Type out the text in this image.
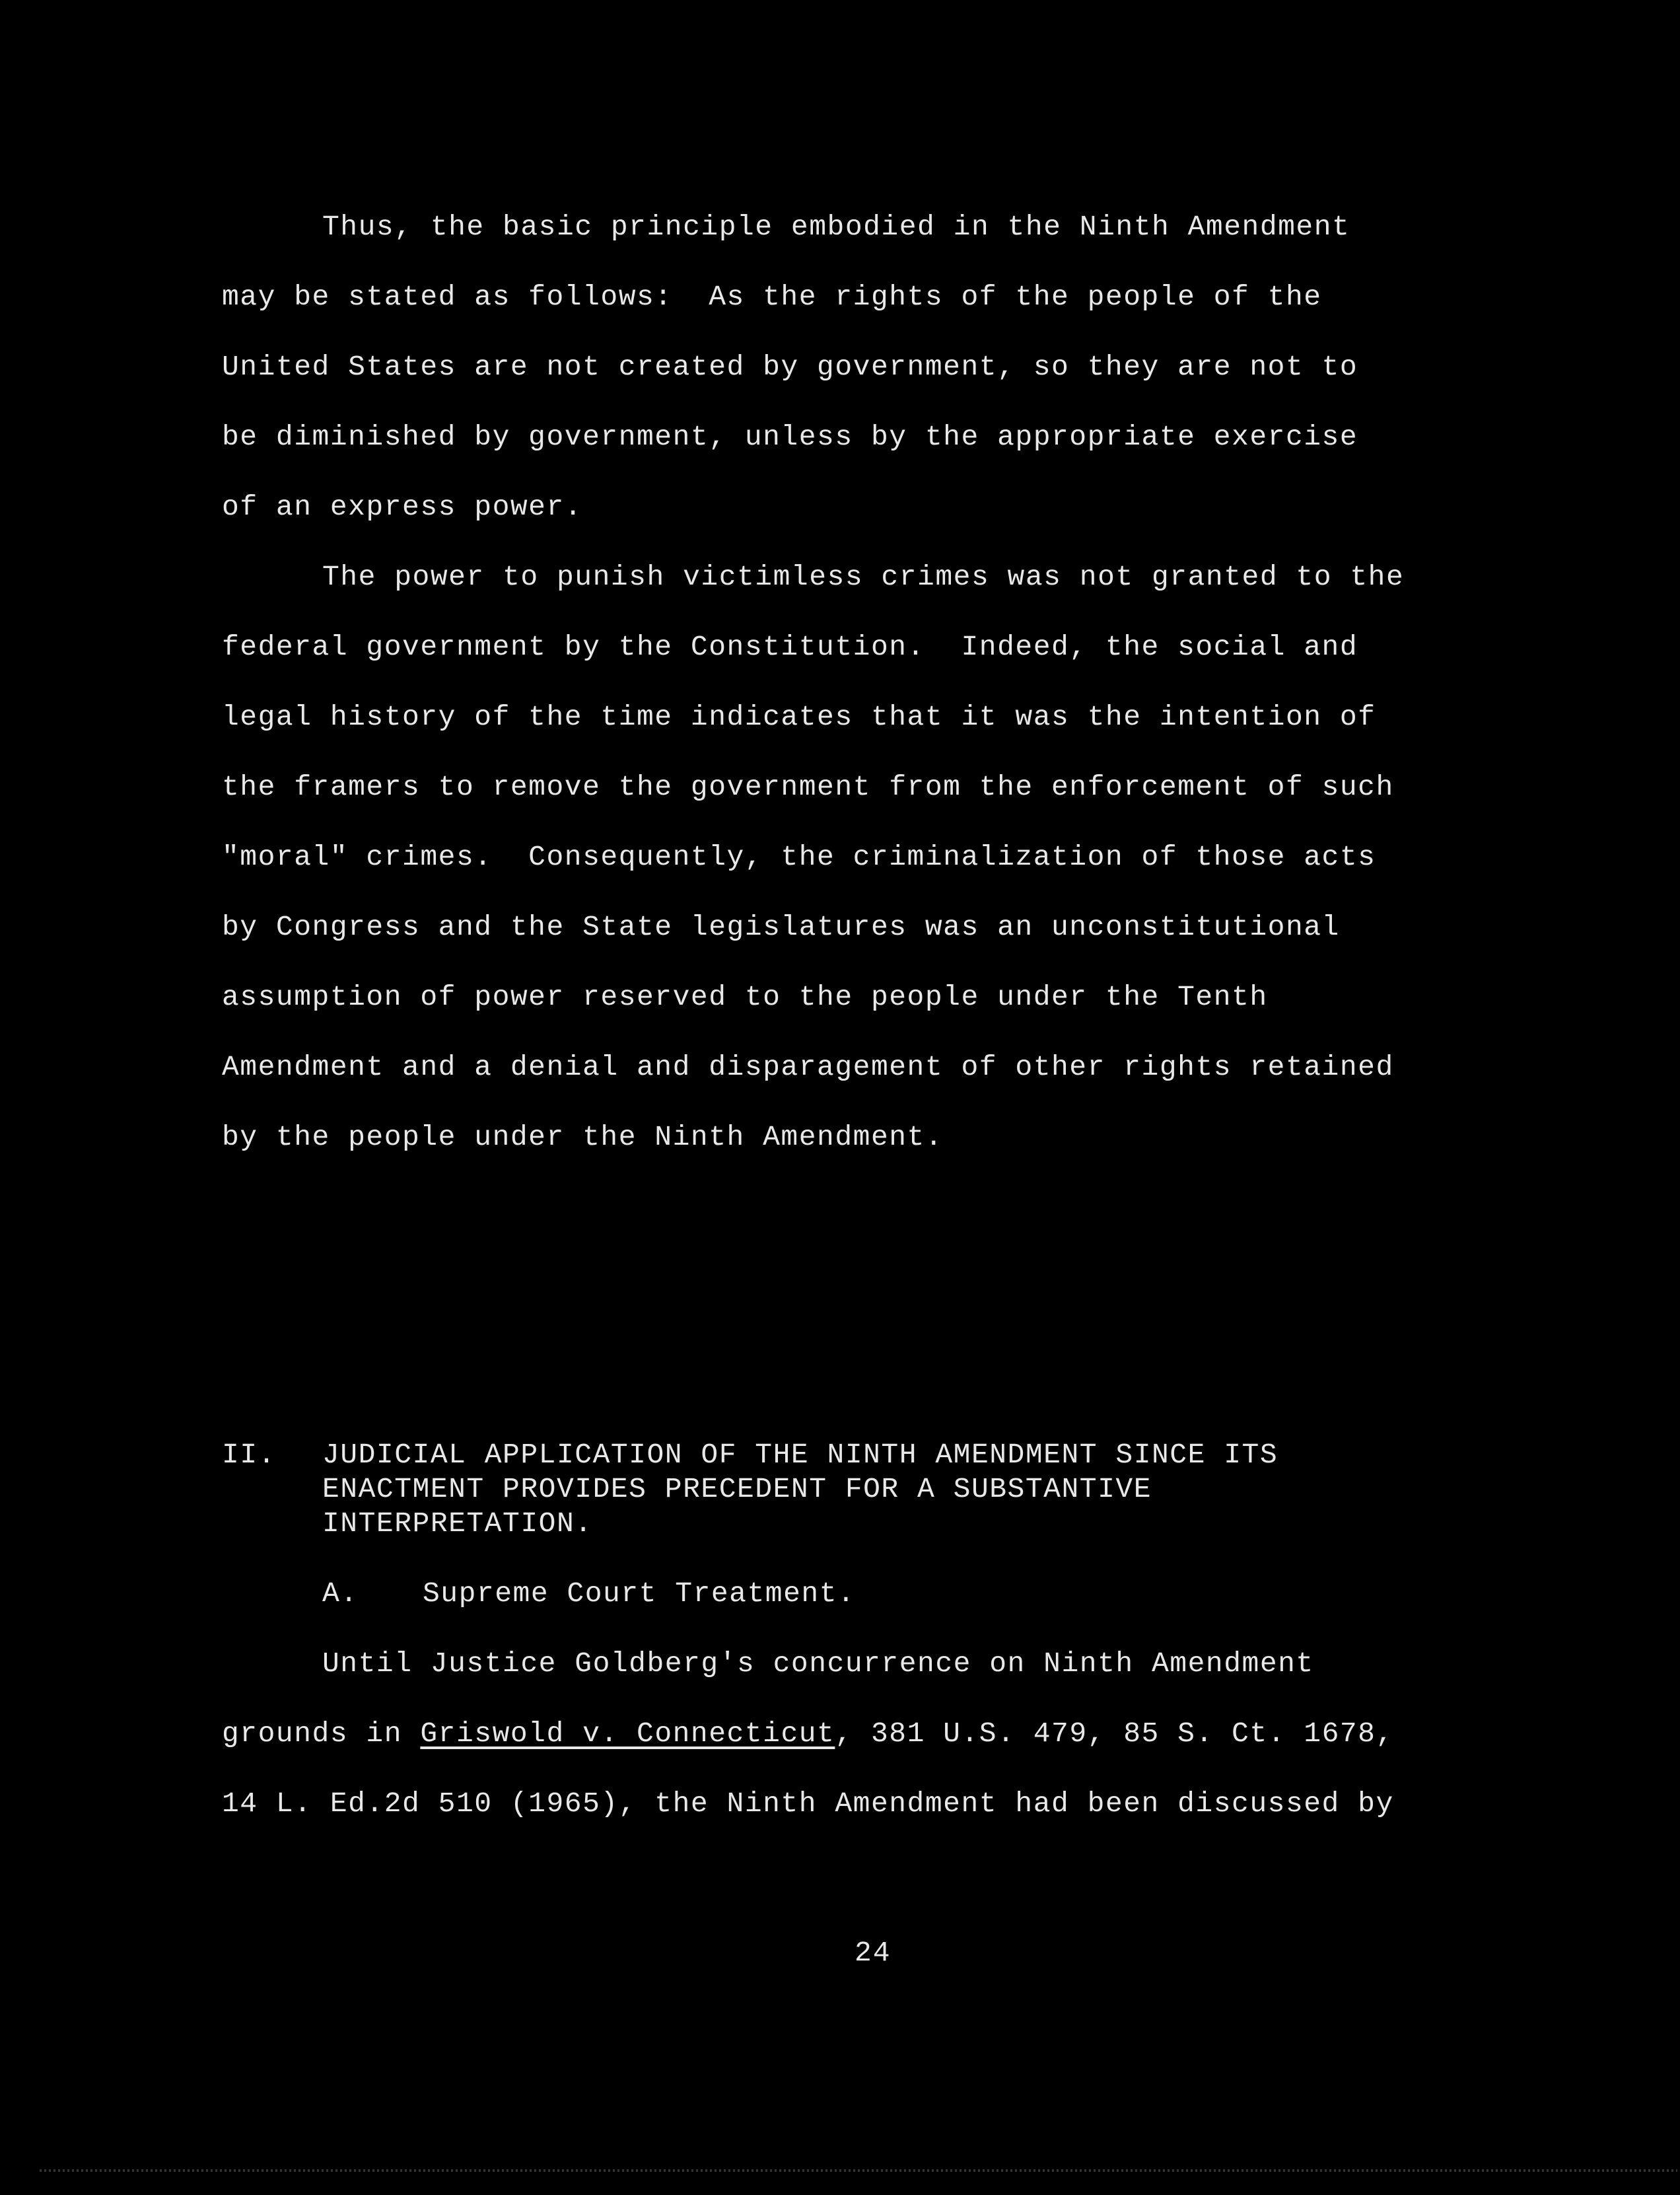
Thus, the basic principle embodied in the Ninth Amendment
may be stated as follows:  As the rights of the people of the
United States are not created by government, so they are not to
be diminished by government, unless by the appropriate exercise
of an express power.
The power to punish victimless crimes was not granted to the
federal government by the Constitution.  Indeed, the social and
legal history of the time indicates that it was the intention of
the framers to remove the government from the enforcement of such
"moral" crimes.  Consequently, the criminalization of those acts
by Congress and the State legislatures was an unconstitutional
assumption of power reserved to the people under the Tenth
Amendment and a denial and disparagement of other rights retained
by the people under the Ninth Amendment.
II. JUDICIAL APPLICATION OF THE NINTH AMENDMENT SINCE ITS
ENACTMENT PROVIDES PRECEDENT FOR A SUBSTANTIVE
INTERPRETATION.
A. Supreme Court Treatment.
Until Justice Goldberg's concurrence on Ninth Amendment
grounds in Griswold v. Connecticut, 381 U.S. 479, 85 S. Ct. 1678,
14 L. Ed.2d 510 (1965), the Ninth Amendment had been discussed by
24
